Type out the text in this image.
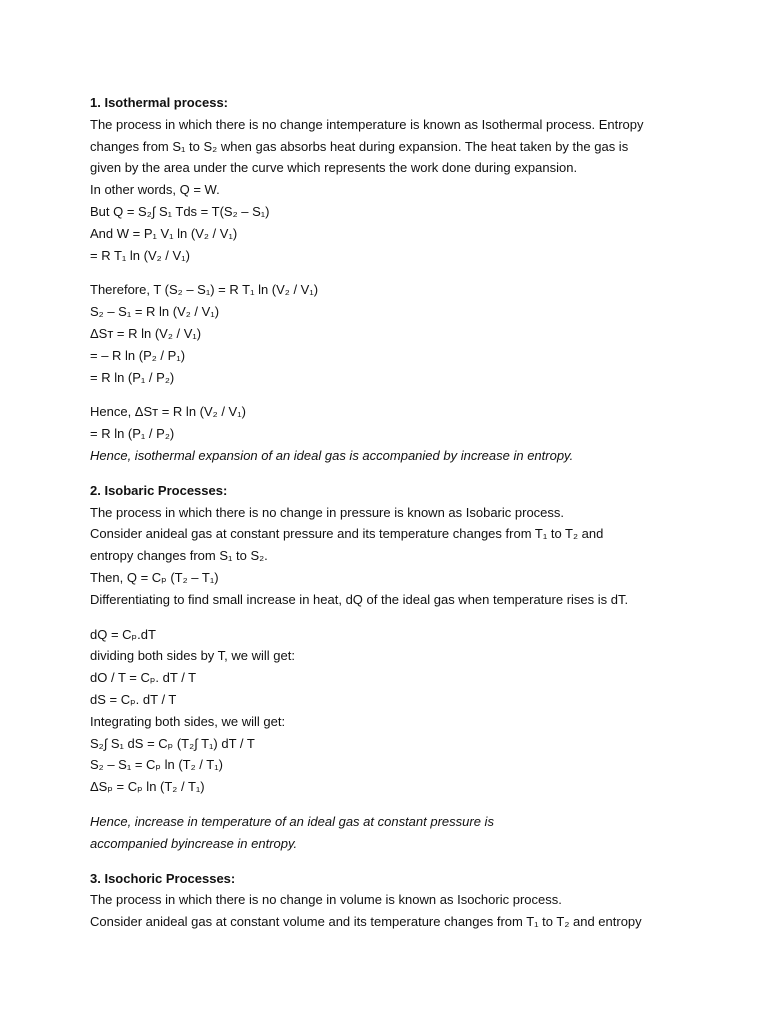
1. Isothermal process:
The process in which there is no change intemperature is known as Isothermal process. Entropy
changes from S₁ to S₂ when gas absorbs heat during expansion. The heat taken by the gas is
given by the area under the curve which represents the work done during expansion.
In other words, Q = W.
But Q = S₂∫ S₁ Tds = T(S₂ – S₁)
And W = P₁ V₁ ln (V₂ / V₁)
= R T₁ ln (V₂ / V₁)
Therefore, T (S₂ – S₁) = R T₁ ln (V₂ / V₁)
S₂ – S₁ = R ln (V₂ / V₁)
ΔSᴛ = R ln (V₂ / V₁)
= – R ln (P₂ / P₁)
= R ln (P₁ / P₂)
Hence, ΔSᴛ = R ln (V₂ / V₁)
= R ln (P₁ / P₂)
Hence, isothermal expansion of an ideal gas is accompanied by increase in entropy.
2. Isobaric Processes:
The process in which there is no change in pressure is known as Isobaric process.
Consider anideal gas at constant pressure and its temperature changes from T₁ to T₂ and
entropy changes from S₁ to S₂.
Then, Q = Cₚ (T₂ – T₁)
Differentiating to find small increase in heat, dQ of the ideal gas when temperature rises is dT.
dQ = Cₚ.dT
dividing both sides by T, we will get:
dO / T = Cₚ. dT / T
dS = Cₚ. dT / T
Integrating both sides, we will get:
S₂∫ S₁ dS = Cₚ (T₂∫ T₁) dT / T
S₂ – S₁ = Cₚ ln (T₂ / T₁)
ΔSₚ = Cₚ ln (T₂ / T₁)
Hence, increase in temperature of an ideal gas at constant pressure is
accompanied byincrease in entropy.
3. Isochoric Processes:
The process in which there is no change in volume is known as Isochoric process.
Consider anideal gas at constant volume and its temperature changes from T₁ to T₂ and entropy
